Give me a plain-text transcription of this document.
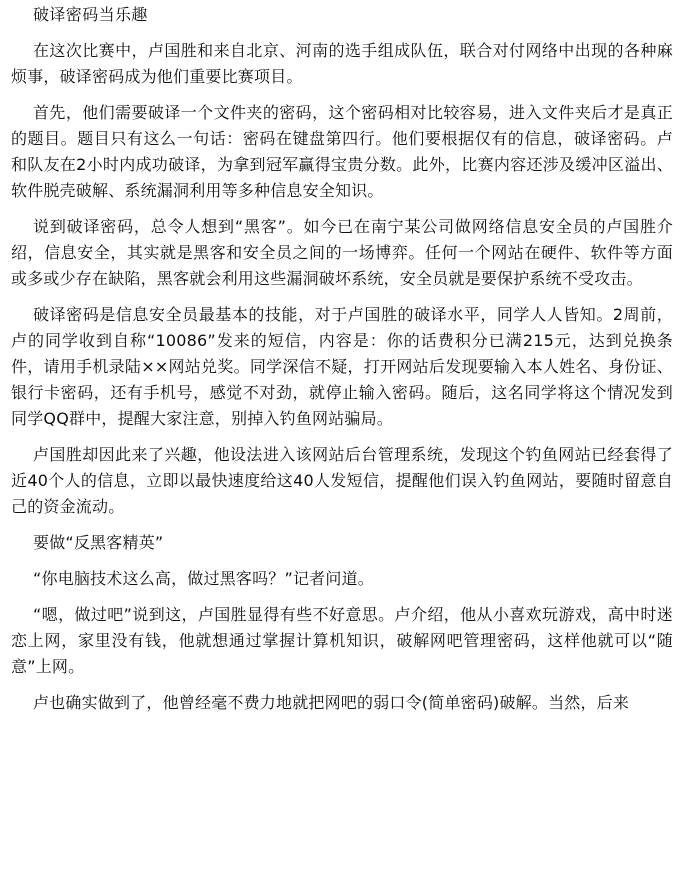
破译密码当乐趣

在这次比赛中，卢国胜和来自北京、河南的选手组成队伍，联合对付网络中出现的各种麻烦事，破译密码成为他们重要比赛项目。

首先，他们需要破译一个文件夹的密码，这个密码相对比较容易，进入文件夹后才是真正的题目。题目只有这么一句话：密码在键盘第四行。他们要根据仅有的信息，破译密码。卢和队友在2小时内成功破译，为拿到冠军赢得宝贵分数。此外，比赛内容还涉及缓冲区溢出、软件脱壳破解、系统漏洞利用等多种信息安全知识。

说到破译密码，总令人想到“黑客”。如今已在南宁某公司做网络信息安全员的卢国胜介绍，信息安全，其实就是黑客和安全员之间的一场博弈。任何一个网站在硬件、软件等方面或多或少存在缺陷，黑客就会利用这些漏洞破坏系统，安全员就是要保护系统不受攻击。

破译密码是信息安全员最基本的技能，对于卢国胜的破译水平，同学人人皆知。2周前，卢的同学收到自称“10086”发来的短信，内容是：你的话费积分已满215元，达到兑换条件，请用手机录陆××网站兑奖。同学深信不疑，打开网站后发现要输入本人姓名、身份证、银行卡密码，还有手机号，感觉不对劲，就停止输入密码。随后，这名同学将这个情况发到同学QQ群中，提醒大家注意，别掉入钓鱼网站骗局。

卢国胜却因此来了兴趣，他设法进入该网站后台管理系统，发现这个钓鱼网站已经套得了近40个人的信息，立即以最快速度给这40人发短信，提醒他们误入钓鱼网站，要随时留意自己的资金流动。

要做“反黑客精英”

“你电脑技术这么高，做过黑客吗？”记者问道。

“嗯，做过吧”说到这，卢国胜显得有些不好意思。卢介绍，他从小喜欢玩游戏，高中时迷恋上网，家里没有钱，他就想通过掌握计算机知识，破解网吧管理密码，这样他就可以“随意”上网。

卢也确实做到了，他曾经毫不费力地就把网吧的弱口令(简单密码)破解。当然，后来
